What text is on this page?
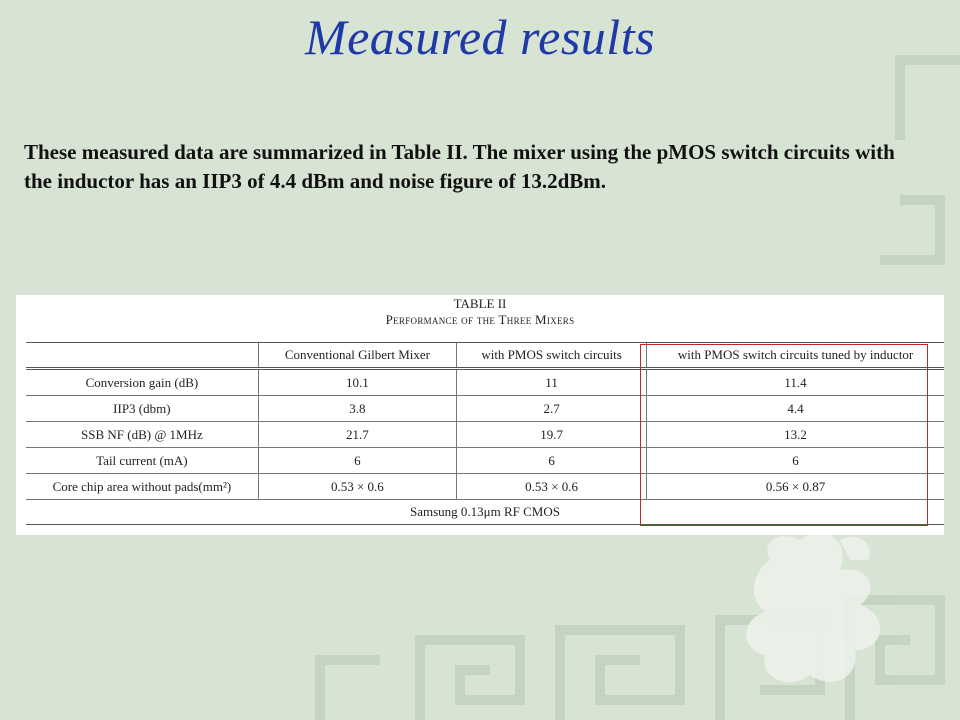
Measured results
These measured data are summarized in Table II. The mixer using the pMOS switch circuits with the inductor has an IIP3 of 4.4 dBm and noise figure of 13.2dBm.
TABLE II
Performance of the Three Mixers
	Conventional Gilbert Mixer	with PMOS switch circuits	with PMOS switch circuits tuned by inductor
Conversion gain (dB)	10.1	11	11.4
IIP3 (dbm)	3.8	2.7	4.4
SSB NF (dB) @ 1MHz	21.7	19.7	13.2
Tail current (mA)	6	6	6
Core chip area without pads(mm²)	0.53 × 0.6	0.53 × 0.6	0.56 × 0.87
Samsung 0.13μm RF CMOS			
